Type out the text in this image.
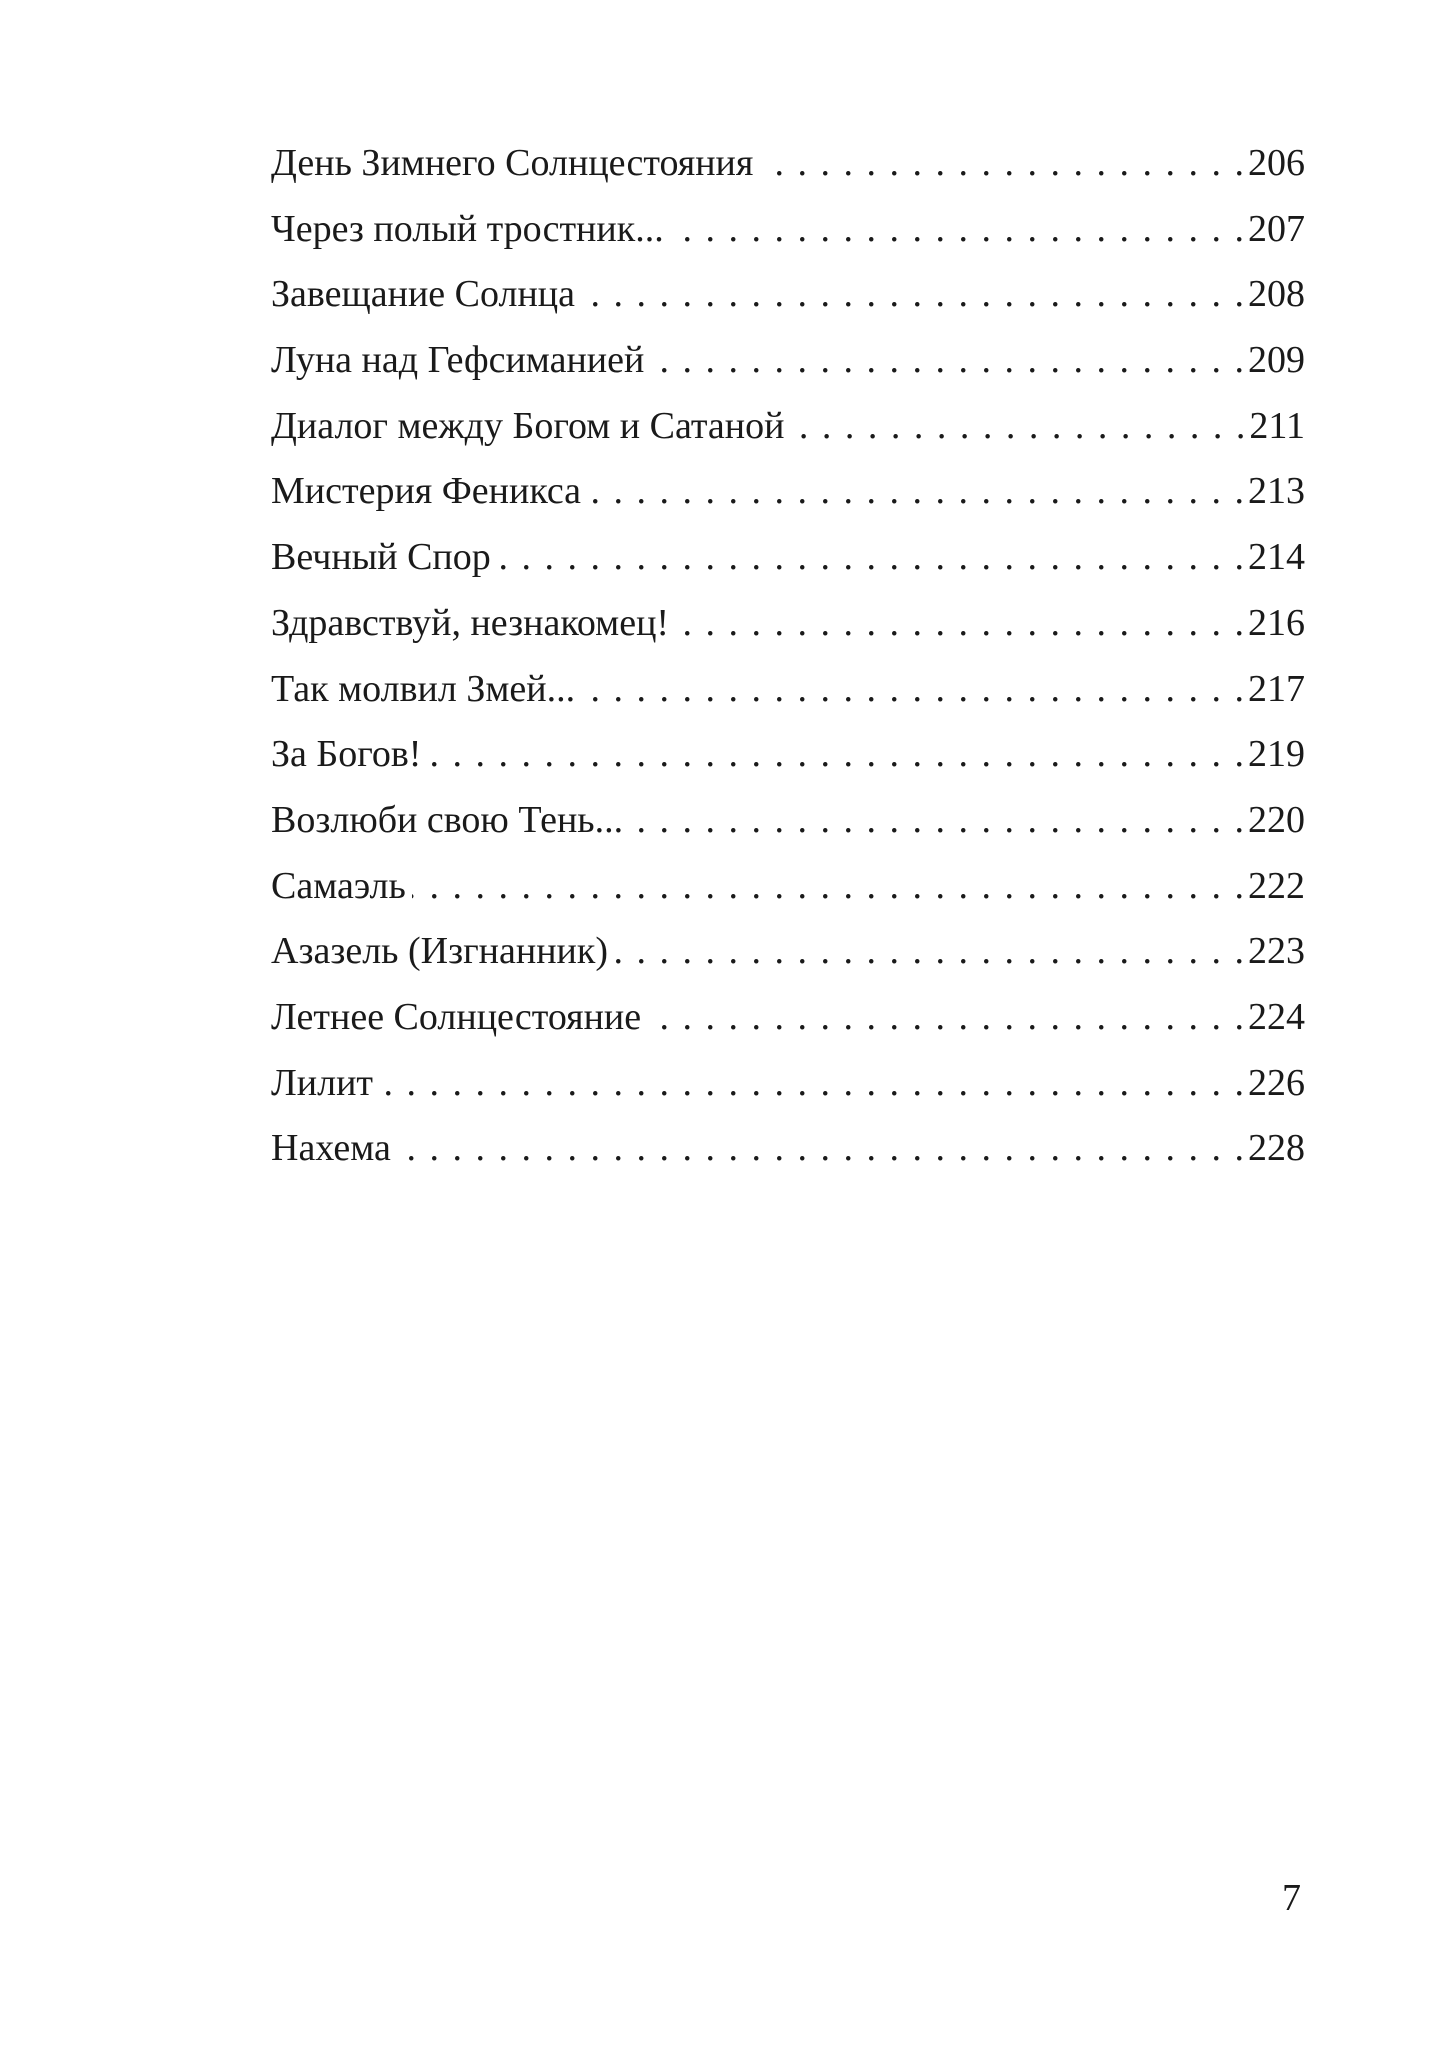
День Зимнего Солнцестояния . . .	206
Через полый тростник... . . .	207
Завещание Солнца . . .	208
Луна над Гефсиманией . . .	209
Диалог между Богом и Сатаной . . .	211
Мистерия Феникса . . .	213
Вечный Спор . . .	214
Здравствуй, незнакомец! . . .	216
Так молвил Змей... . . .	217
За Богов! . . .	219
Возлюби свою Тень... . . .	220
Самаэль . . .	222
Азазель (Изгнанник) . . .	223
Летнее Солнцестояние . . .	224
Лилит . . .	226
Нахема . . .	228
7
